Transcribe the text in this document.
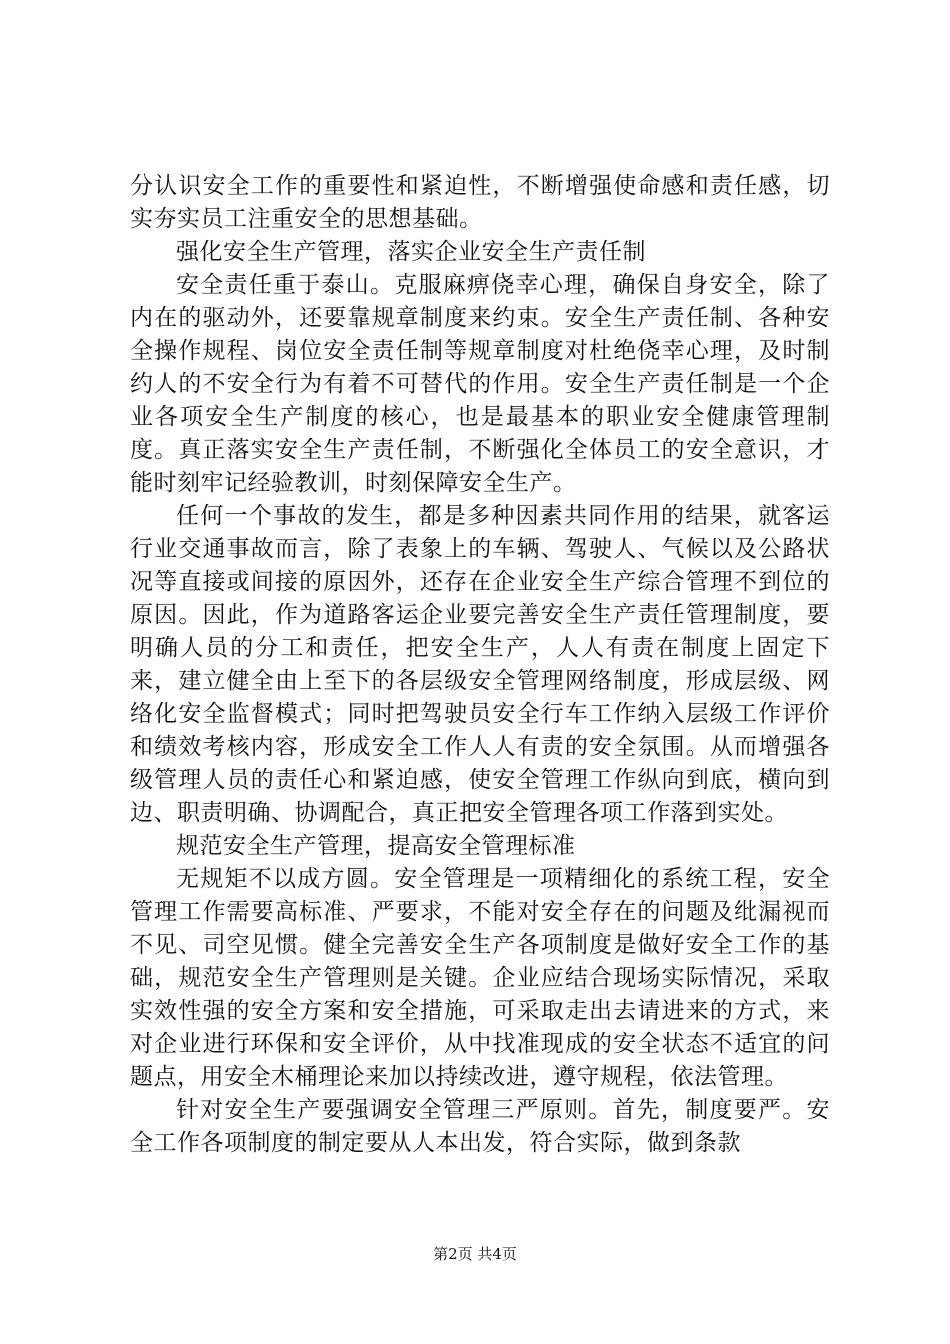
分认识安全工作的重要性和紧迫性，不断增强使命感和责任感，切实夯实员工注重安全的思想基础。

强化安全生产管理，落实企业安全生产责任制

安全责任重于泰山。克服麻痹侥幸心理，确保自身安全，除了内在的驱动外，还要靠规章制度来约束。安全生产责任制、各种安全操作规程、岗位安全责任制等规章制度对杜绝侥幸心理，及时制约人的不安全行为有着不可替代的作用。安全生产责任制是一个企业各项安全生产制度的核心，也是最基本的职业安全健康管理制度。真正落实安全生产责任制，不断强化全体员工的安全意识，才能时刻牢记经验教训，时刻保障安全生产。

任何一个事故的发生，都是多种因素共同作用的结果，就客运行业交通事故而言，除了表象上的车辆、驾驶人、气候以及公路状况等直接或间接的原因外，还存在企业安全生产综合管理不到位的原因。因此，作为道路客运企业要完善安全生产责任管理制度，要明确人员的分工和责任，把安全生产，人人有责在制度上固定下来，建立健全由上至下的各层级安全管理网络制度，形成层级、网络化安全监督模式；同时把驾驶员安全行车工作纳入层级工作评价和绩效考核内容，形成安全工作人人有责的安全氛围。从而增强各级管理人员的责任心和紧迫感，使安全管理工作纵向到底，横向到边、职责明确、协调配合，真正把安全管理各项工作落到实处。

规范安全生产管理，提高安全管理标准

无规矩不以成方圆。安全管理是一项精细化的系统工程，安全管理工作需要高标准、严要求，不能对安全存在的问题及纰漏视而不见、司空见惯。健全完善安全生产各项制度是做好安全工作的基础，规范安全生产管理则是关键。企业应结合现场实际情况，采取实效性强的安全方案和安全措施，可采取走出去请进来的方式，来对企业进行环保和安全评价，从中找准现成的安全状态不适宜的问题点，用安全木桶理论来加以持续改进，遵守规程，依法管理。

针对安全生产要强调安全管理三严原则。首先，制度要严。安全工作各项制度的制定要从人本出发，符合实际，做到条款

第2页 共4页
